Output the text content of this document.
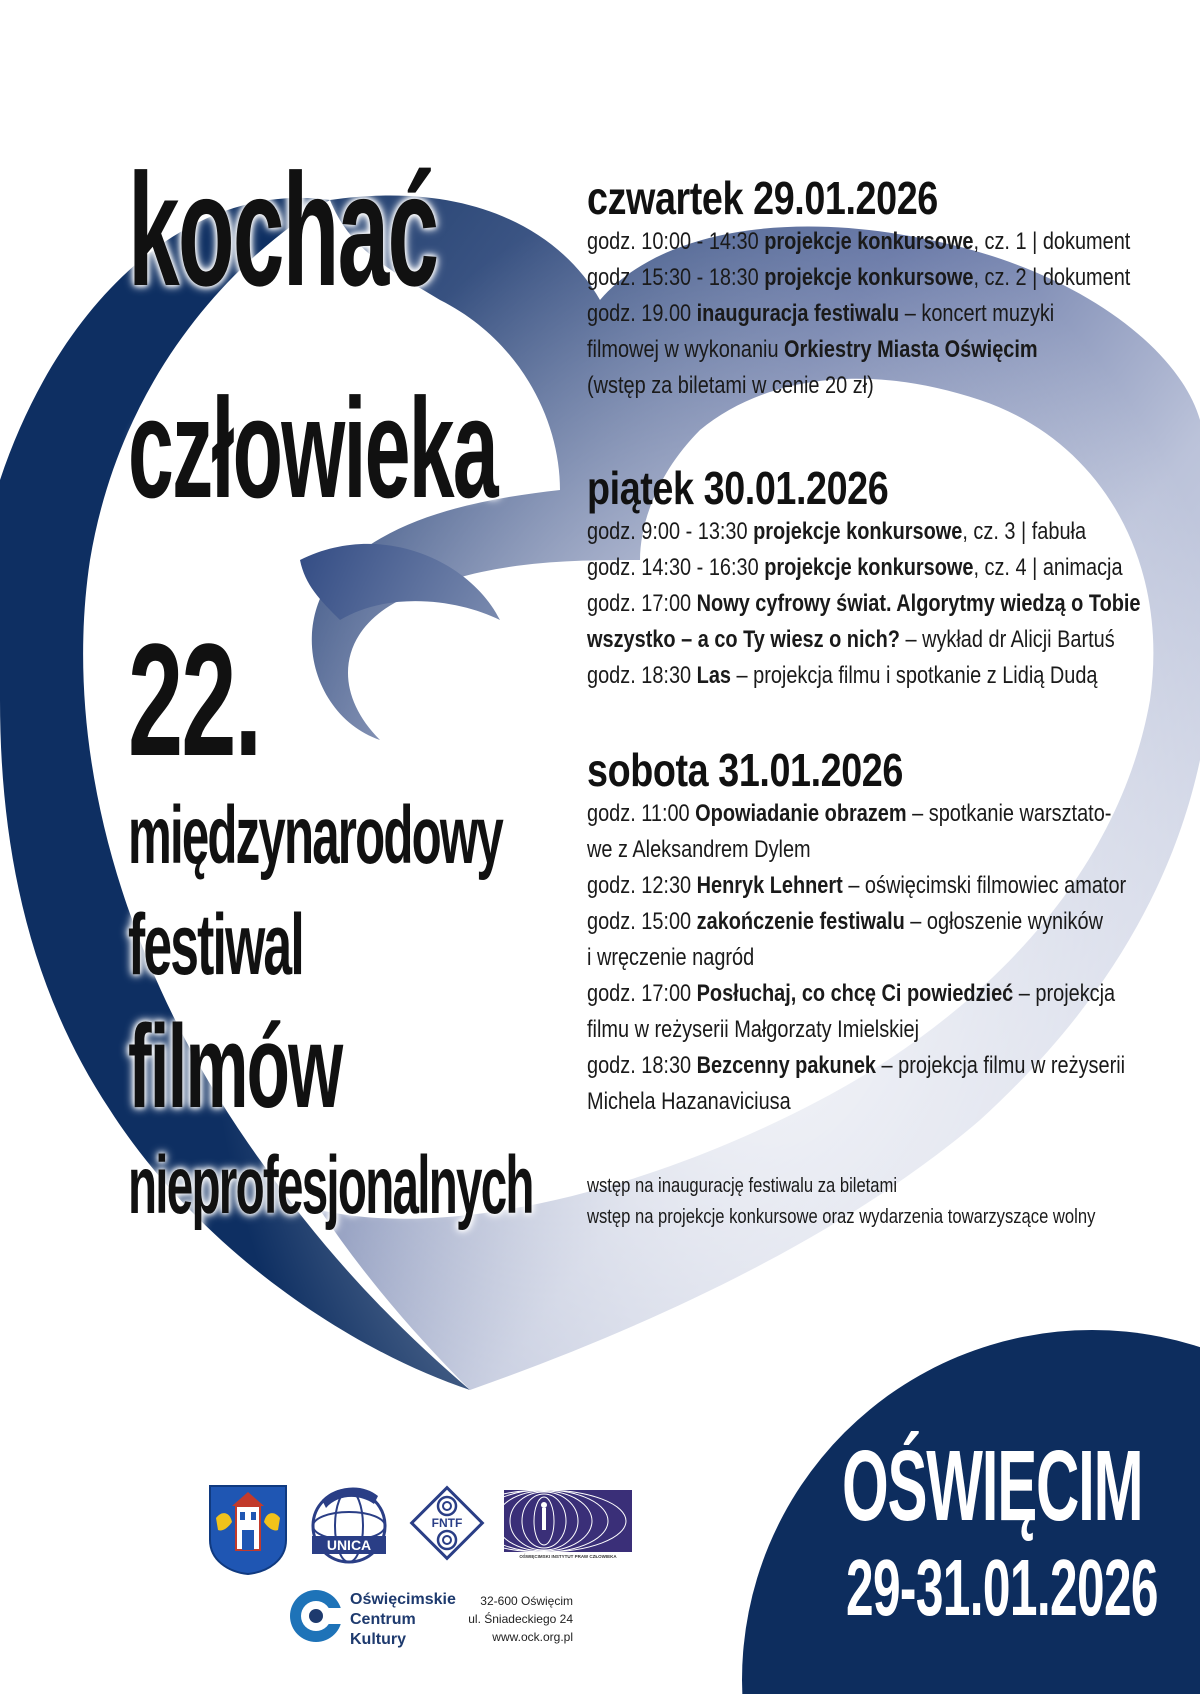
kochać
człowieka
22.
międzynarodowy
festiwal
filmów
nieprofesjonalnych
czwartek 29.01.2026
godz. 10:00 - 14:30 projekcje konkursowe, cz. 1 | dokument
godz. 15:30 - 18:30 projekcje konkursowe, cz. 2 | dokument
godz. 19.00 inauguracja festiwalu – koncert muzyki
filmowej w wykonaniu Orkiestry Miasta Oświęcim
(wstęp za biletami w cenie 20 zł)
piątek 30.01.2026
godz. 9:00 - 13:30 projekcje konkursowe, cz. 3 | fabuła
godz. 14:30 - 16:30 projekcje konkursowe, cz. 4 | animacja
godz. 17:00 Nowy cyfrowy świat. Algorytmy wiedzą o Tobie
wszystko – a co Ty wiesz o nich? – wykład dr Alicji Bartuś
godz. 18:30 Las – projekcja filmu i spotkanie z Lidią Dudą
sobota 31.01.2026
godz. 11:00 Opowiadanie obrazem – spotkanie warsztato-
we z Aleksandrem Dylem
godz. 12:30 Henryk Lehnert – oświęcimski filmowiec amator
godz. 15:00 zakończenie festiwalu – ogłoszenie wyników
i wręczenie nagród
godz. 17:00 Posłuchaj, co chcę Ci powiedzieć – projekcja
filmu w reżyserii Małgorzaty Imielskiej
godz. 18:30 Bezcenny pakunek – projekcja filmu w reżyserii
Michela Hazanaviciusa
wstęp na inaugurację festiwalu za biletami
wstęp na projekcje konkursowe oraz wydarzenia towarzyszące wolny
OŚWIĘCIM
29-31.01.2026
UNICA
FNTF
OŚWIĘCIMSKI INSTYTUT PRAW CZŁOWIEKA
Oświęcimskie
Centrum
Kultury
32-600 Oświęcim
ul. Śniadeckiego 24
www.ock.org.pl
